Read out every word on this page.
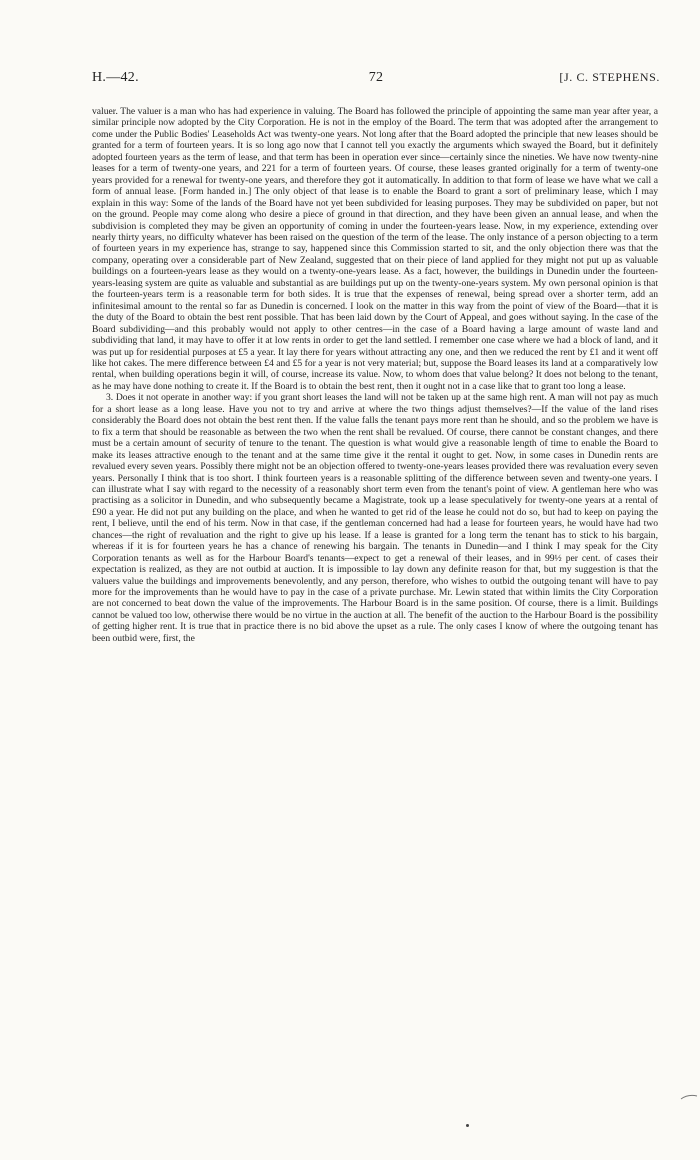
H.—42.	72	[J. C. STEPHENS.

valuer. The valuer is a man who has had experience in valuing. The Board has followed the principle of appointing the same man year after year, a similar principle now adopted by the City Corporation. He is not in the employ of the Board. The term that was adopted after the arrangement to come under the Public Bodies' Leaseholds Act was twenty-one years. Not long after that the Board adopted the principle that new leases should be granted for a term of fourteen years. It is so long ago now that I cannot tell you exactly the arguments which swayed the Board, but it definitely adopted fourteen years as the term of lease, and that term has been in operation ever since—certainly since the nineties. We have now twenty-nine leases for a term of twenty-one years, and 221 for a term of fourteen years. Of course, these leases granted originally for a term of twenty-one years provided for a renewal for twenty-one years, and therefore they got it automatically. In addition to that form of lease we have what we call a form of annual lease. [Form handed in.] The only object of that lease is to enable the Board to grant a sort of preliminary lease, which I may explain in this way: Some of the lands of the Board have not yet been subdivided for leasing purposes. They may be subdivided on paper, but not on the ground. People may come along who desire a piece of ground in that direction, and they have been given an annual lease, and when the subdivision is completed they may be given an opportunity of coming in under the fourteen-years lease. Now, in my experience, extending over nearly thirty years, no difficulty whatever has been raised on the question of the term of the lease. The only instance of a person objecting to a term of fourteen years in my experience has, strange to say, happened since this Commission started to sit, and the only objection there was that the company, operating over a considerable part of New Zealand, suggested that on their piece of land applied for they might not put up as valuable buildings on a fourteen-years lease as they would on a twenty-one-years lease. As a fact, however, the buildings in Dunedin under the fourteen-years-leasing system are quite as valuable and substantial as are buildings put up on the twenty-one-years system. My own personal opinion is that the fourteen-years term is a reasonable term for both sides. It is true that the expenses of renewal, being spread over a shorter term, add an infinitesimal amount to the rental so far as Dunedin is concerned. I look on the matter in this way from the point of view of the Board—that it is the duty of the Board to obtain the best rent possible. That has been laid down by the Court of Appeal, and goes without saying. In the case of the Board subdividing—and this probably would not apply to other centres—in the case of a Board having a large amount of waste land and subdividing that land, it may have to offer it at low rents in order to get the land settled. I remember one case where we had a block of land, and it was put up for residential purposes at £5 a year. It lay there for years without attracting any one, and then we reduced the rent by £1 and it went off like hot cakes. The mere difference between £4 and £5 for a year is not very material; but, suppose the Board leases its land at a comparatively low rental, when building operations begin it will, of course, increase its value. Now, to whom does that value belong? It does not belong to the tenant, as he may have done nothing to create it. If the Board is to obtain the best rent, then it ought not in a case like that to grant too long a lease.

3. Does it not operate in another way: if you grant short leases the land will not be taken up at the same high rent. A man will not pay as much for a short lease as a long lease. Have you not to try and arrive at where the two things adjust themselves?—If the value of the land rises considerably the Board does not obtain the best rent then. If the value falls the tenant pays more rent than he should, and so the problem we have is to fix a term that should be reasonable as between the two when the rent shall be revalued. Of course, there cannot be constant changes, and there must be a certain amount of security of tenure to the tenant. The question is what would give a reasonable length of time to enable the Board to make its leases attractive enough to the tenant and at the same time give it the rental it ought to get. Now, in some cases in Dunedin rents are revalued every seven years. Possibly there might not be an objection offered to twenty-one-years leases provided there was revaluation every seven years. Personally I think that is too short. I think fourteen years is a reasonable splitting of the difference between seven and twenty-one years. I can illustrate what I say with regard to the necessity of a reasonably short term even from the tenant's point of view. A gentleman here who was practising as a solicitor in Dunedin, and who subsequently became a Magistrate, took up a lease speculatively for twenty-one years at a rental of £90 a year. He did not put any building on the place, and when he wanted to get rid of the lease he could not do so, but had to keep on paying the rent, I believe, until the end of his term. Now in that case, if the gentleman concerned had had a lease for fourteen years, he would have had two chances—the right of revaluation and the right to give up his lease. If a lease is granted for a long term the tenant has to stick to his bargain, whereas if it is for fourteen years he has a chance of renewing his bargain. The tenants in Dunedin—and I think I may speak for the City Corporation tenants as well as for the Harbour Board's tenants—expect to get a renewal of their leases, and in 99½ per cent. of cases their expectation is realized, as they are not outbid at auction. It is impossible to lay down any definite reason for that, but my suggestion is that the valuers value the buildings and improvements benevolently, and any person, therefore, who wishes to outbid the outgoing tenant will have to pay more for the improvements than he would have to pay in the case of a private purchase. Mr. Lewin stated that within limits the City Corporation are not concerned to beat down the value of the improvements. The Harbour Board is in the same position. Of course, there is a limit. Buildings cannot be valued too low, otherwise there would be no virtue in the auction at all. The benefit of the auction to the Harbour Board is the possibility of getting higher rent. It is true that in practice there is no bid above the upset as a rule. The only cases I know of where the outgoing tenant has been outbid were, first, the
